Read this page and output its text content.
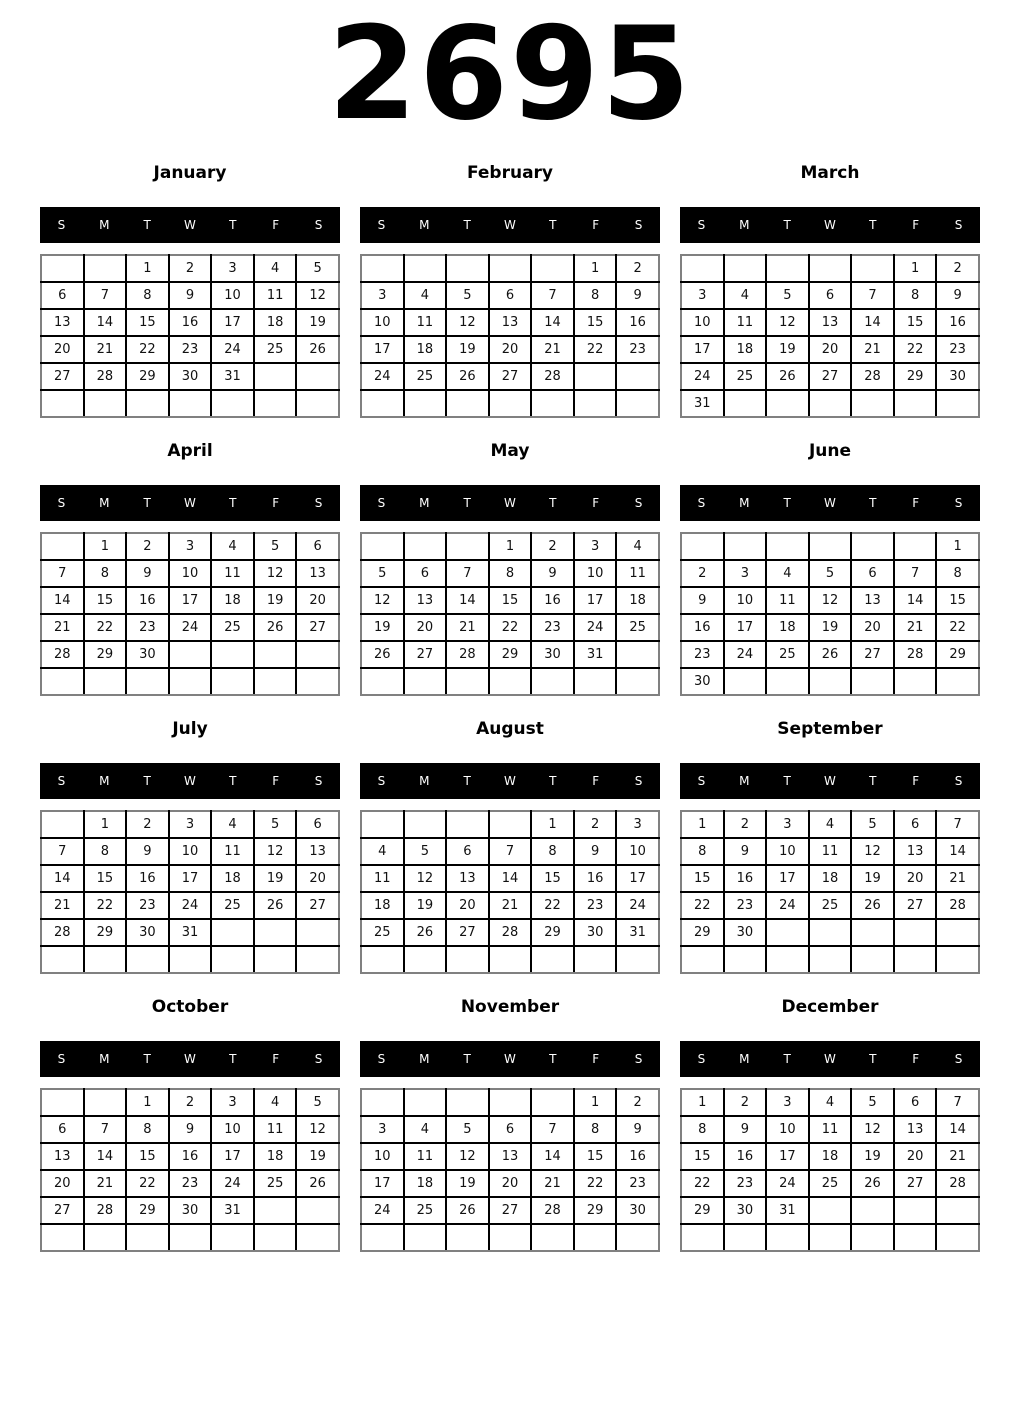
2695
January
S	M	T	W	T	F	S
		1	2	3	4	5
6	7	8	9	10	11	12
13	14	15	16	17	18	19
20	21	22	23	24	25	26
27	28	29	30	31		

February
S	M	T	W	T	F	S
					1	2
3	4	5	6	7	8	9
10	11	12	13	14	15	16
17	18	19	20	21	22	23
24	25	26	27	28		

March
S	M	T	W	T	F	S
					1	2
3	4	5	6	7	8	9
10	11	12	13	14	15	16
17	18	19	20	21	22	23
24	25	26	27	28	29	30
31						
April
S	M	T	W	T	F	S
	1	2	3	4	5	6
7	8	9	10	11	12	13
14	15	16	17	18	19	20
21	22	23	24	25	26	27
28	29	30				

May
S	M	T	W	T	F	S
			1	2	3	4
5	6	7	8	9	10	11
12	13	14	15	16	17	18
19	20	21	22	23	24	25
26	27	28	29	30	31	

June
S	M	T	W	T	F	S
						1
2	3	4	5	6	7	8
9	10	11	12	13	14	15
16	17	18	19	20	21	22
23	24	25	26	27	28	29
30						
July
S	M	T	W	T	F	S
	1	2	3	4	5	6
7	8	9	10	11	12	13
14	15	16	17	18	19	20
21	22	23	24	25	26	27
28	29	30	31			

August
S	M	T	W	T	F	S
				1	2	3
4	5	6	7	8	9	10
11	12	13	14	15	16	17
18	19	20	21	22	23	24
25	26	27	28	29	30	31

September
S	M	T	W	T	F	S
1	2	3	4	5	6	7
8	9	10	11	12	13	14
15	16	17	18	19	20	21
22	23	24	25	26	27	28
29	30					

October
S	M	T	W	T	F	S
		1	2	3	4	5
6	7	8	9	10	11	12
13	14	15	16	17	18	19
20	21	22	23	24	25	26
27	28	29	30	31		

November
S	M	T	W	T	F	S
					1	2
3	4	5	6	7	8	9
10	11	12	13	14	15	16
17	18	19	20	21	22	23
24	25	26	27	28	29	30

December
S	M	T	W	T	F	S
1	2	3	4	5	6	7
8	9	10	11	12	13	14
15	16	17	18	19	20	21
22	23	24	25	26	27	28
29	30	31				
